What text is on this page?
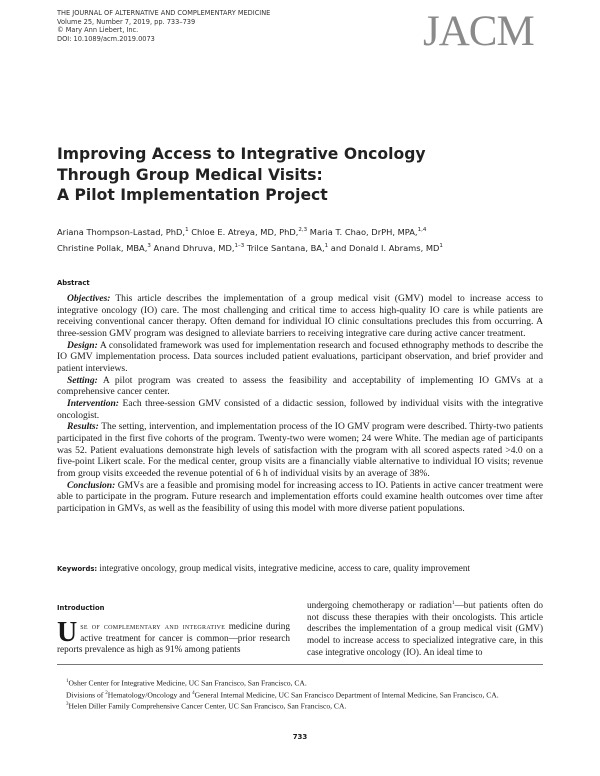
THE JOURNAL OF ALTERNATIVE AND COMPLEMENTARY MEDICINE
Volume 25, Number 7, 2019, pp. 733–739
© Mary Ann Liebert, Inc.
DOI: 10.1089/acm.2019.0073	JACM
Improving Access to Integrative Oncology
Through Group Medical Visits:
A Pilot Implementation Project
Ariana Thompson-Lastad, PhD,$^1$ Chloe E. Atreya, MD, PhD,$^{2,3}$ Maria T. Chao, DrPH, MPA,$^{1,4}$
Christine Pollak, MBA,$^3$ Anand Dhruva, MD,$^{1-3}$ Trilce Santana, BA,$^1$ and Donald I. Abrams, $MD^1$
Abstract

Objectives: This article describes the implementation of a group medical visit (GMV) model to increase access to integrative oncology (IO) care. The most challenging and critical time to access high-quality IO care is while patients are receiving conventional cancer therapy. Often demand for individual IO clinic consultations precludes this from occurring. A three-session GMV program was designed to alleviate barriers to receiving integrative care during active cancer treatment.

Design: A consolidated framework was used for implementation research and focused ethnography methods to describe the IO GMV implementation process. Data sources included patient evaluations, participant observation, and brief provider and patient interviews.

Setting: A pilot program was created to assess the feasibility and acceptability of implementing IO GMVs at a comprehensive cancer center.

Intervention: Each three-session GMV consisted of a didactic session, followed by individual visits with the integrative oncologist.

Results: The setting, intervention, and implementation process of the IO GMV program were described. Thirty-two patients participated in the first five cohorts of the program. Twenty-two were women; 24 were White. The median age of participants was 52. Patient evaluations demonstrate high levels of satisfaction with the program with all scored aspects rated >4.0 on a five-point Likert scale. For the medical center, group visits are a financially viable alternative to individual IO visits; revenue from group visits exceeded the revenue potential of 6 h of individual visits by an average of 38%.

Conclusion: GMVs are a feasible and promising model for increasing access to IO. Patients in active cancer treatment were able to participate in the program. Future research and implementation efforts could examine health outcomes over time after participation in GMVs, as well as the feasibility of using this model with more diverse patient populations.

Keywords: integrative oncology, group medical visits, integrative medicine, access to care, quality improvement
Introduction
Use of complementary and integrative medicine during active treatment for cancer is common—prior research reports prevalence as high as 91% among patients
undergoing chemotherapy or radiation$^1$—but patients often do not discuss these therapies with their oncologists. This article describes the implementation of a group medical visit (GMV) model to increase access to specialized integrative care, in this case integrative oncology (IO). An ideal time to

$^1$Osher Center for Integrative Medicine, UC San Francisco, San Francisco, CA.

Divisions of $^2$Hematology/Oncology and $^4$General Internal Medicine, UC San Francisco Department of Internal Medicine, San Francisco, CA.

$^3$Helen Diller Family Comprehensive Cancer Center, UC San Francisco, San Francisco, CA.

733
